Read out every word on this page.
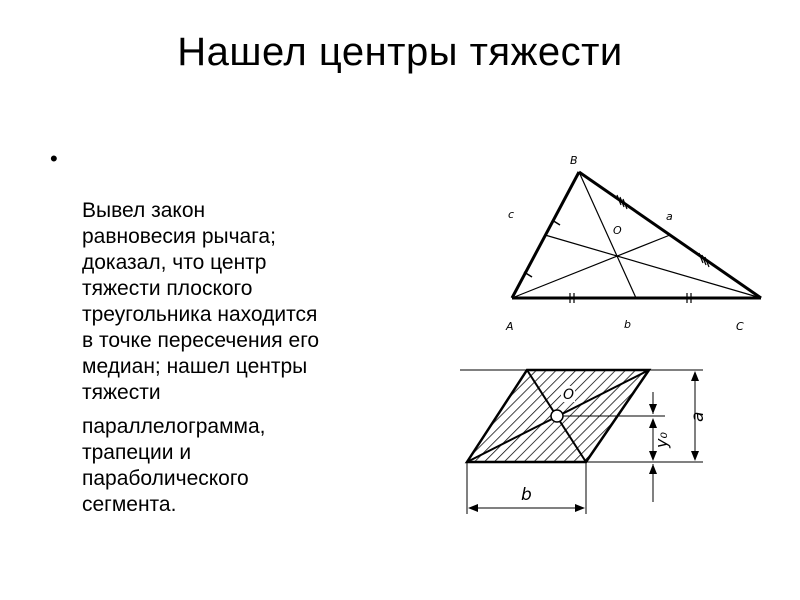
Нашел центры тяжести

•

Вывел закон
равновесия рычага;
доказал, что центр
тяжести плоского
треугольника находится
в точке пересечения его
медиан; нашел центры
тяжести

параллелограмма,
трапеции и
параболического
сегмента.
B
A	C
c	a
b
O
O
a
y₀
b
